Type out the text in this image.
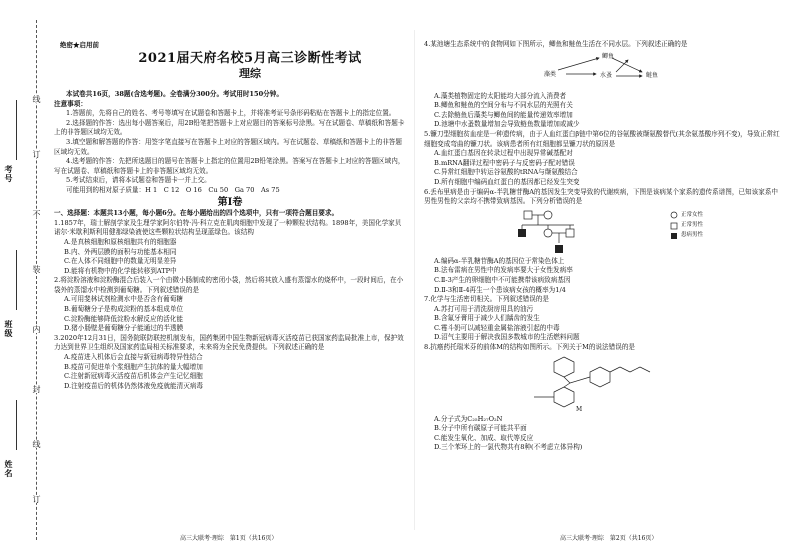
姓名
班级
考号
线
订
不
装
内
封
线
订
绝密★启用前
2021届天府名校5月高三诊断性考试
理综

本试卷共16页，38题(含选考题)。全卷满分300分。考试用时150分钟。

注意事项：

1.答题前，先将自己的姓名、考号等填写在试题卷和答题卡上，并将准考证号条形码粘贴在答题卡上的指定位置。

2.选择题的作答：选出每小题答案后，用2B铅笔把答题卡上对应题目的答案标号涂黑。写在试题卷、草稿纸和答题卡上的非答题区域均无效。

3.填空题和解答题的作答：用签字笔直接写在答题卡上对应的答题区域内。写在试题卷、草稿纸和答题卡上的非答题区域均无效。

4.选考题的作答：先把所选题目的题号在答题卡上指定的位置用2B铅笔涂黑。答案写在答题卡上对应的答题区域内，写在试题卷、草稿纸和答题卡上的非答题区域均无效。

5.考试结束后，请将本试题卷和答题卡一并上交。

可能用到的相对原子质量：H 1　C 12　O 16　Cu 50　Ga 70　As 75

第Ⅰ卷

一、选择题：本题共13小题，每小题6分。在每小题给出的四个选项中，只有一项符合题目要求。

1.1857年，瑞士解剖学家及生理学家阿尔伯特·冯·科立克在肌肉细胞中发现了一种颗粒状结构。1898年，美国化学家贝诺尔·米歇利斯利用健那绿染液使这些颗粒状结构呈现蓝绿色。该结构

A.是真核细胞和原核细胞共有的细胞器

B.内、外两层膜的面积与功能基本相同

C.在人体不同细胞中的数量无明显差异

D.能将有机物中的化学能转移到ATP中

2.将淀粉溶液和淀粉酶混合后装入一个由微小肠制成的密闭小袋，然后将其放入盛有蒸馏水的烧杯中，一段时间后，在小袋外的蒸馏水中检测到葡萄糖。下列叙述错误的是

A.可用斐林试剂检测水中是否含有葡萄糖

B.葡萄糖分子是构成淀粉的基本组成单位

C.淀粉酶能够降低淀粉水解反应的活化能

D.猪小肠壁是葡萄糖分子能通过的半透膜

3.2020年12月31日，国务院联防联控机制发布，国药集团中国生物新冠病毒灭活疫苗已获国家药监局批准上市，保护效力达到世界卫生组织及国家药监局相关标准要求，未来将为全民免费提供。下列叙述正确的是

A.疫苗进入机体后会直接与新冠病毒特异性结合

B.疫苗可促进单个浆细胞产生抗体的量大幅增加

C.注射新冠病毒灭活疫苗后机体会产生记忆细胞

D.注射疫苗后的机体仍然体液免疫就能清灭病毒

4.某池塘生态系统中的食物网如下图所示，鲫鱼和鲢鱼生活在不同水层。下列叙述正确的是

藻类	水蚤
鲫鱼
鲢鱼

A.藻类植物固定的太阳能均大部分流入消费者

B.鲫鱼和鲢鱼的空间分布与不同水层的光照有关

C.去除鲢鱼后藻类与鲫鱼间的能量传递效率增加

D.池塘中水蚤数量增加会导致鲢鱼数量增加或减少

5.镰刀型细胞贫血症是一种遗传病，由于人血红蛋白β链中第6位的谷氨酸被缬氨酸替代(其余氨基酸序列不变)，导致正常红细胞变成弯曲的镰刀状。该病患者所有红细胞都呈镰刀状的原因是

A.血红蛋白基因在转录过程中出现异常碱基配对

B.mRNA翻译过程中密码子与反密码子配对错误

C.异常红细胞中转运谷氨酸的tRNA与缬氨酸结合

D.所有细胞中编码血红蛋白的基因都已经发生突变

6.丢布里病是由于编码α-半乳糖苷酶A的基因发生突变导致的代谢疾病，下图是该病某个家系的遗传系谱图，已知该家系中男性男性的父亲均不携带致病基因。下列分析错误的是

正常女性
正常男性
患病男性

A.编码α-半乳糖苷酶A的基因位于常染色体上

B.法布雷病在男性中的发病率要大于女性发病率

C.Ⅱ-3产生的卵细胞中不可能携带该病致病基因

D.Ⅱ-3和Ⅱ-4再生一个患该病女孩的概率为1/4

7.化学与生活密切相关。下列叙述错误的是

A.苏打可用于清洗厨房用具的油污

B.含氟牙膏用于减少人们龋齿的发生

C.霉斗奶可以减轻重金属盐溶液引起的中毒

D.沼气主要用于解决我国多数城市的生活燃料问题

8.抗癌药托瑞米芬的前体M的结构如图所示。下列关于M的说法错误的是

M

A.分子式为C₂₅H₂₇O₂N

B.分子中所有碳原子可能共平面

C.能发生氧化、加成、取代等反应

D.三个苯环上的一氯代物共有8种(不考虑立体异构)

高三大联考·理综　第1页（共16页）	高三大联考·理综　第2页（共16页）
